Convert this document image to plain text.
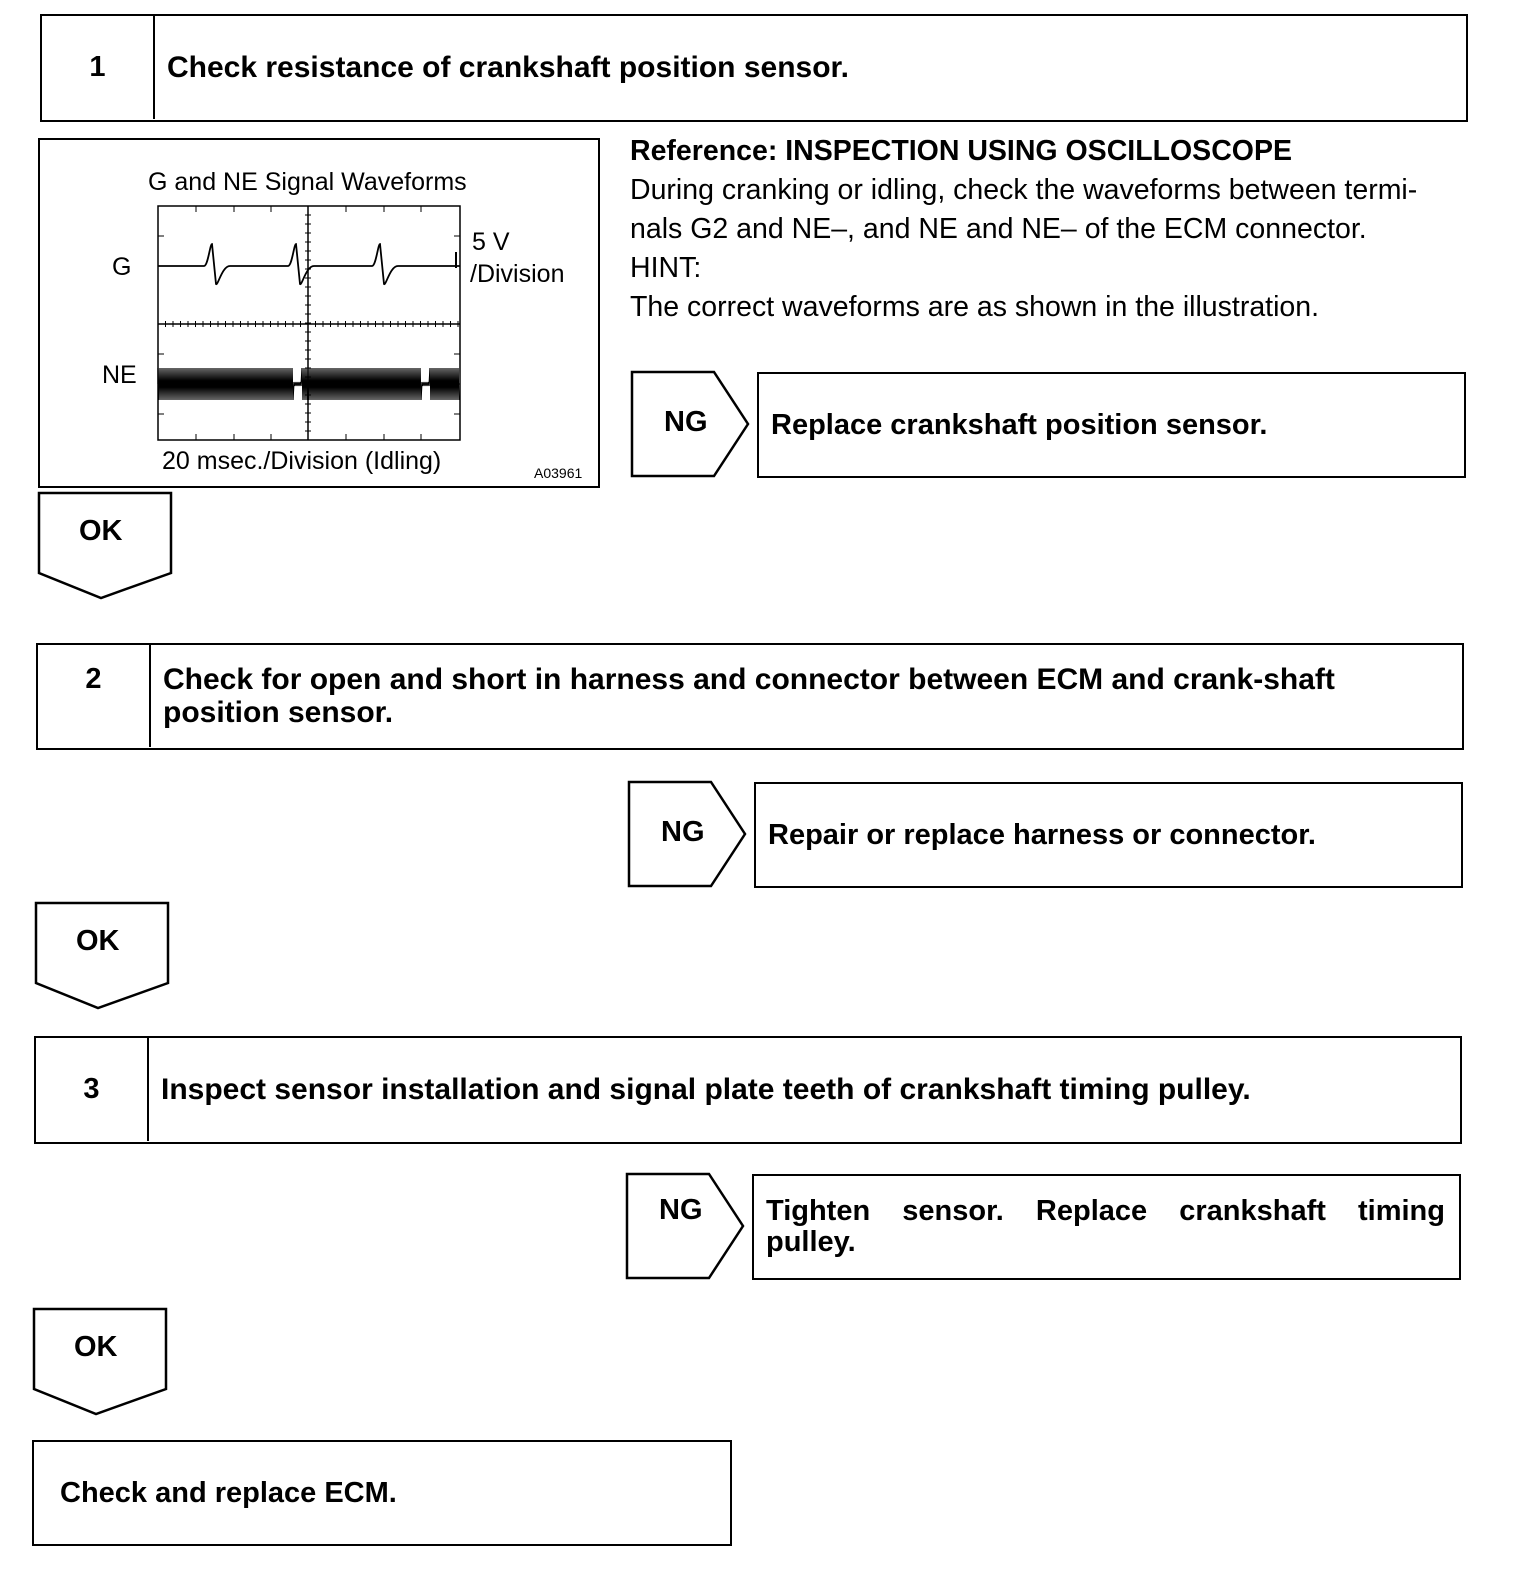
1	Check resistance of crankshaft position sensor.
G and NE Signal Waveforms
G
NE
5 V
/Division
20 msec./Division (Idling)	A03961
Reference: INSPECTION USING OSCILLOSCOPE
During cranking or idling, check the waveforms between termi-
nals G2 and NE–, and NE and NE– of the ECM connector.
HINT:
The correct waveforms are as shown in the illustration.
NG	Replace crankshaft position sensor.
OK
2	Check for open and short in harness and connector between ECM and crank-shaft position sensor.
NG	Repair or replace harness or connector.
OK
3	Inspect sensor installation and signal plate teeth of crankshaft timing pulley.
NG	Tighten sensor. Replace crankshaft timing pulley.
OK
Check and replace ECM.
